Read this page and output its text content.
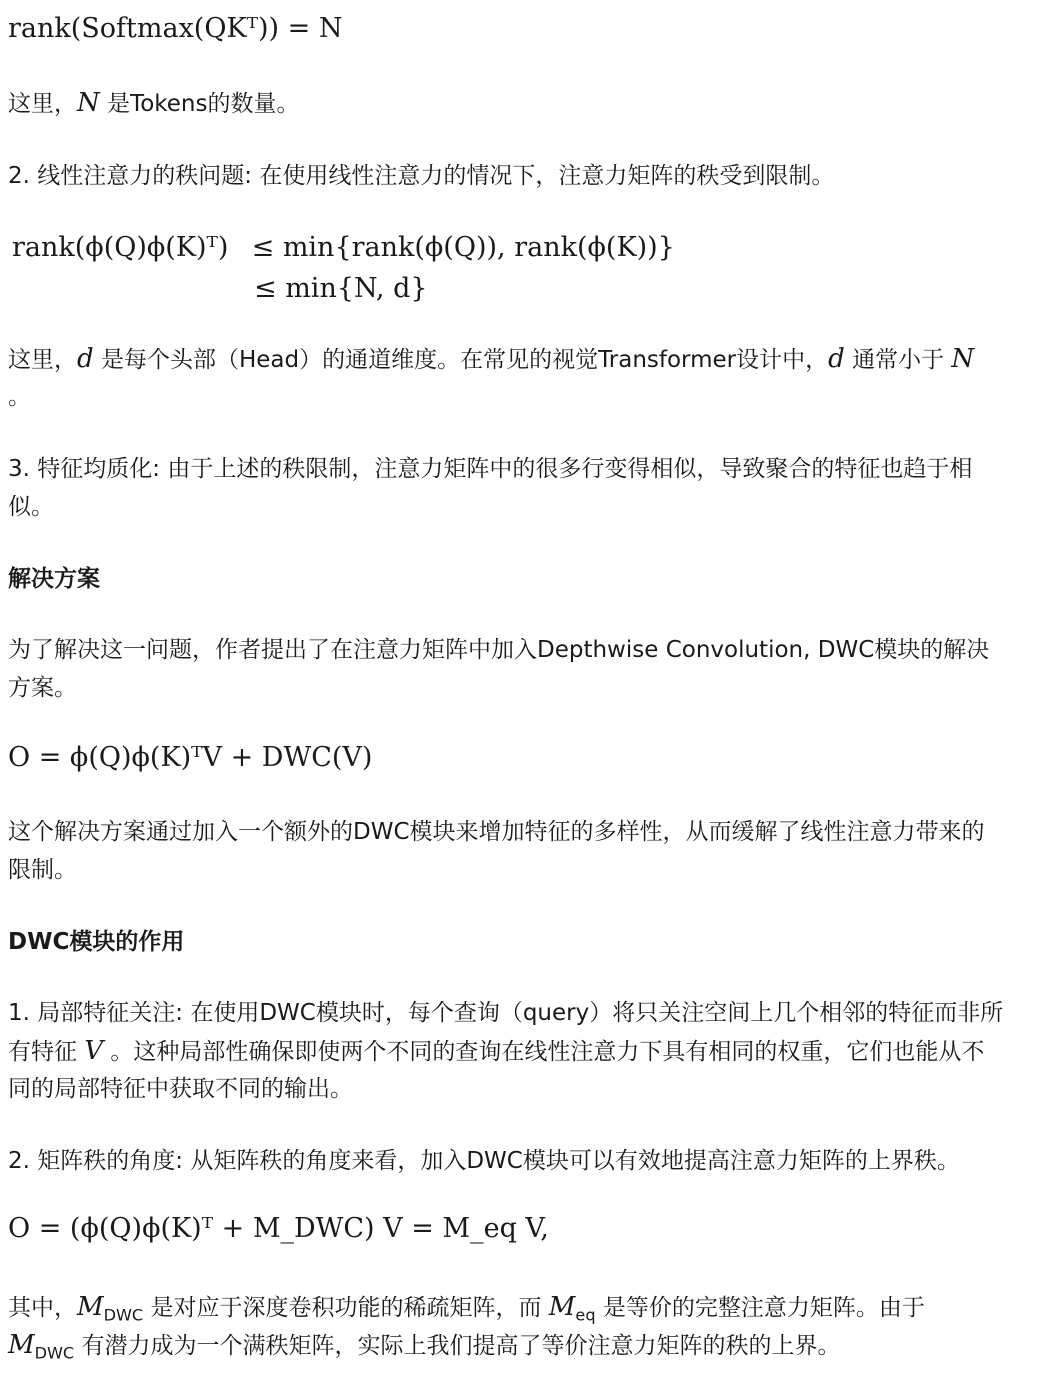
rank(Softmax(QKᵀ)) = N
这里，N 是Tokens的数量。
2. 线性注意力的秩问题: 在使用线性注意力的情况下，注意力矩阵的秩受到限制。
rank(ϕ(Q)ϕ(K)ᵀ) ≤ min{rank(ϕ(Q)), rank(ϕ(K))}
≤ min{N, d}
这里，d 是每个头部（Head）的通道维度。在常见的视觉Transformer设计中，d 通常小于 N
。
3. 特征均质化: 由于上述的秩限制，注意力矩阵中的很多行变得相似，导致聚合的特征也趋于相
似。
解决方案
为了解决这一问题，作者提出了在注意力矩阵中加入Depthwise Convolution, DWC模块的解决
方案。
O = ϕ(Q)ϕ(K)ᵀV + DWC(V)
这个解决方案通过加入一个额外的DWC模块来增加特征的多样性，从而缓解了线性注意力带来的
限制。
DWC模块的作用
1. 局部特征关注: 在使用DWC模块时，每个查询（query）将只关注空间上几个相邻的特征而非所
有特征 V 。这种局部性确保即使两个不同的查询在线性注意力下具有相同的权重，它们也能从不
同的局部特征中获取不同的输出。
2. 矩阵秩的角度: 从矩阵秩的角度来看，加入DWC模块可以有效地提高注意力矩阵的上界秩。
O = (ϕ(Q)ϕ(K)ᵀ + M_DWC) V = M_eq V,
其中，$M_{DWC}$ 是对应于深度卷积功能的稀疏矩阵，而 $M_{eq}$ 是等价的完整注意力矩阵。由于
$M_{DWC}$ 有潜力成为一个满秩矩阵，实际上我们提高了等价注意力矩阵的秩的上界。
